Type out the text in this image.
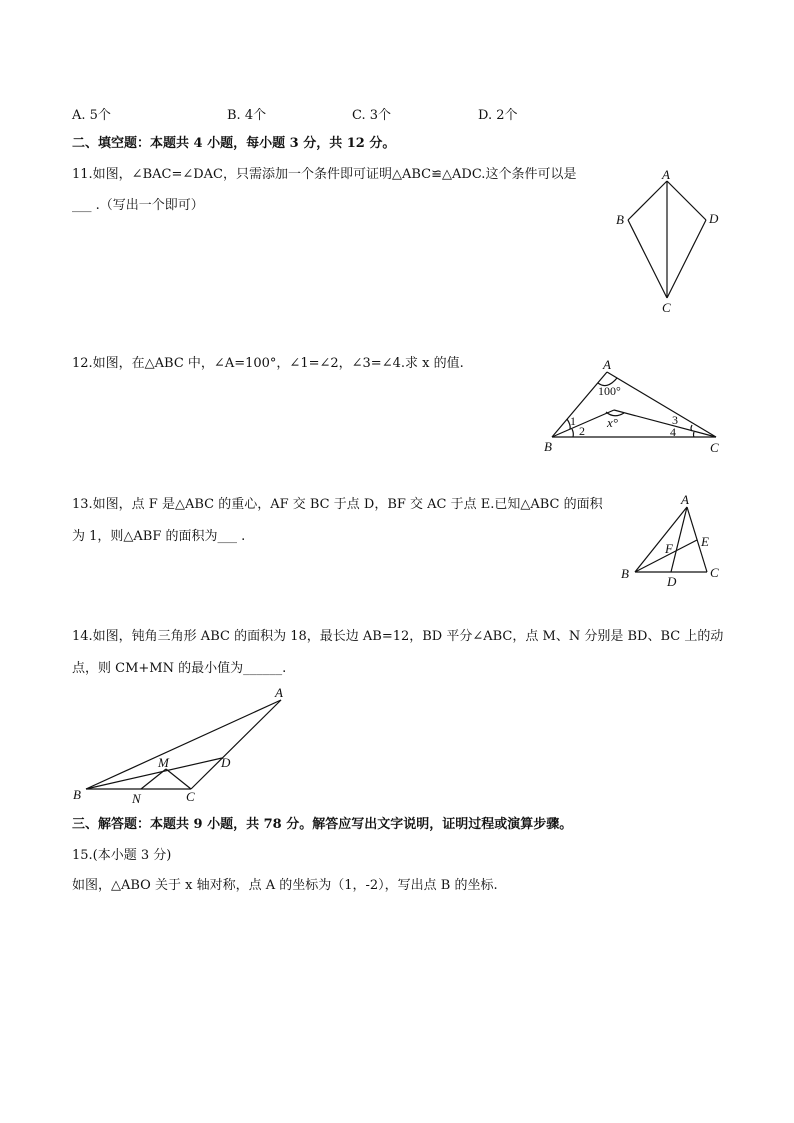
A. 5个	B. 4个	C. 3个	D. 2个
二、填空题：本题共 4 小题，每小题 3 分，共 12 分。
11.如图，∠BAC=∠DAC，只需添加一个条件即可证明△ABC≌△ADC.这个条件可以是
___ .（写出一个即可）
A
B	D
C
12.如图，在△ABC 中，∠A=100°，∠1=∠2，∠3=∠4.求 x 的值.	A
100°
1
2
3
4
x°
B	C
13.如图，点 F 是△ABC 的重心，AF 交 BC 于点 D，BF 交 AC 于点 E.已知△ABC 的面积
为 1，则△ABF 的面积为___ .
A
F E
B
D
C
14.如图，钝角三角形 ABC 的面积为 18，最长边 AB=12，BD 平分∠ABC，点 M、N 分别是 BD、BC 上的动
点，则 CM+MN 的最小值为______.
A
M	D
B	N	C
三、解答题：本题共 9 小题，共 78 分。解答应写出文字说明，证明过程或演算步骤。
15.(本小题 3 分)
如图，△ABO 关于 x 轴对称，点 A 的坐标为（1，-2），写出点 B 的坐标.
